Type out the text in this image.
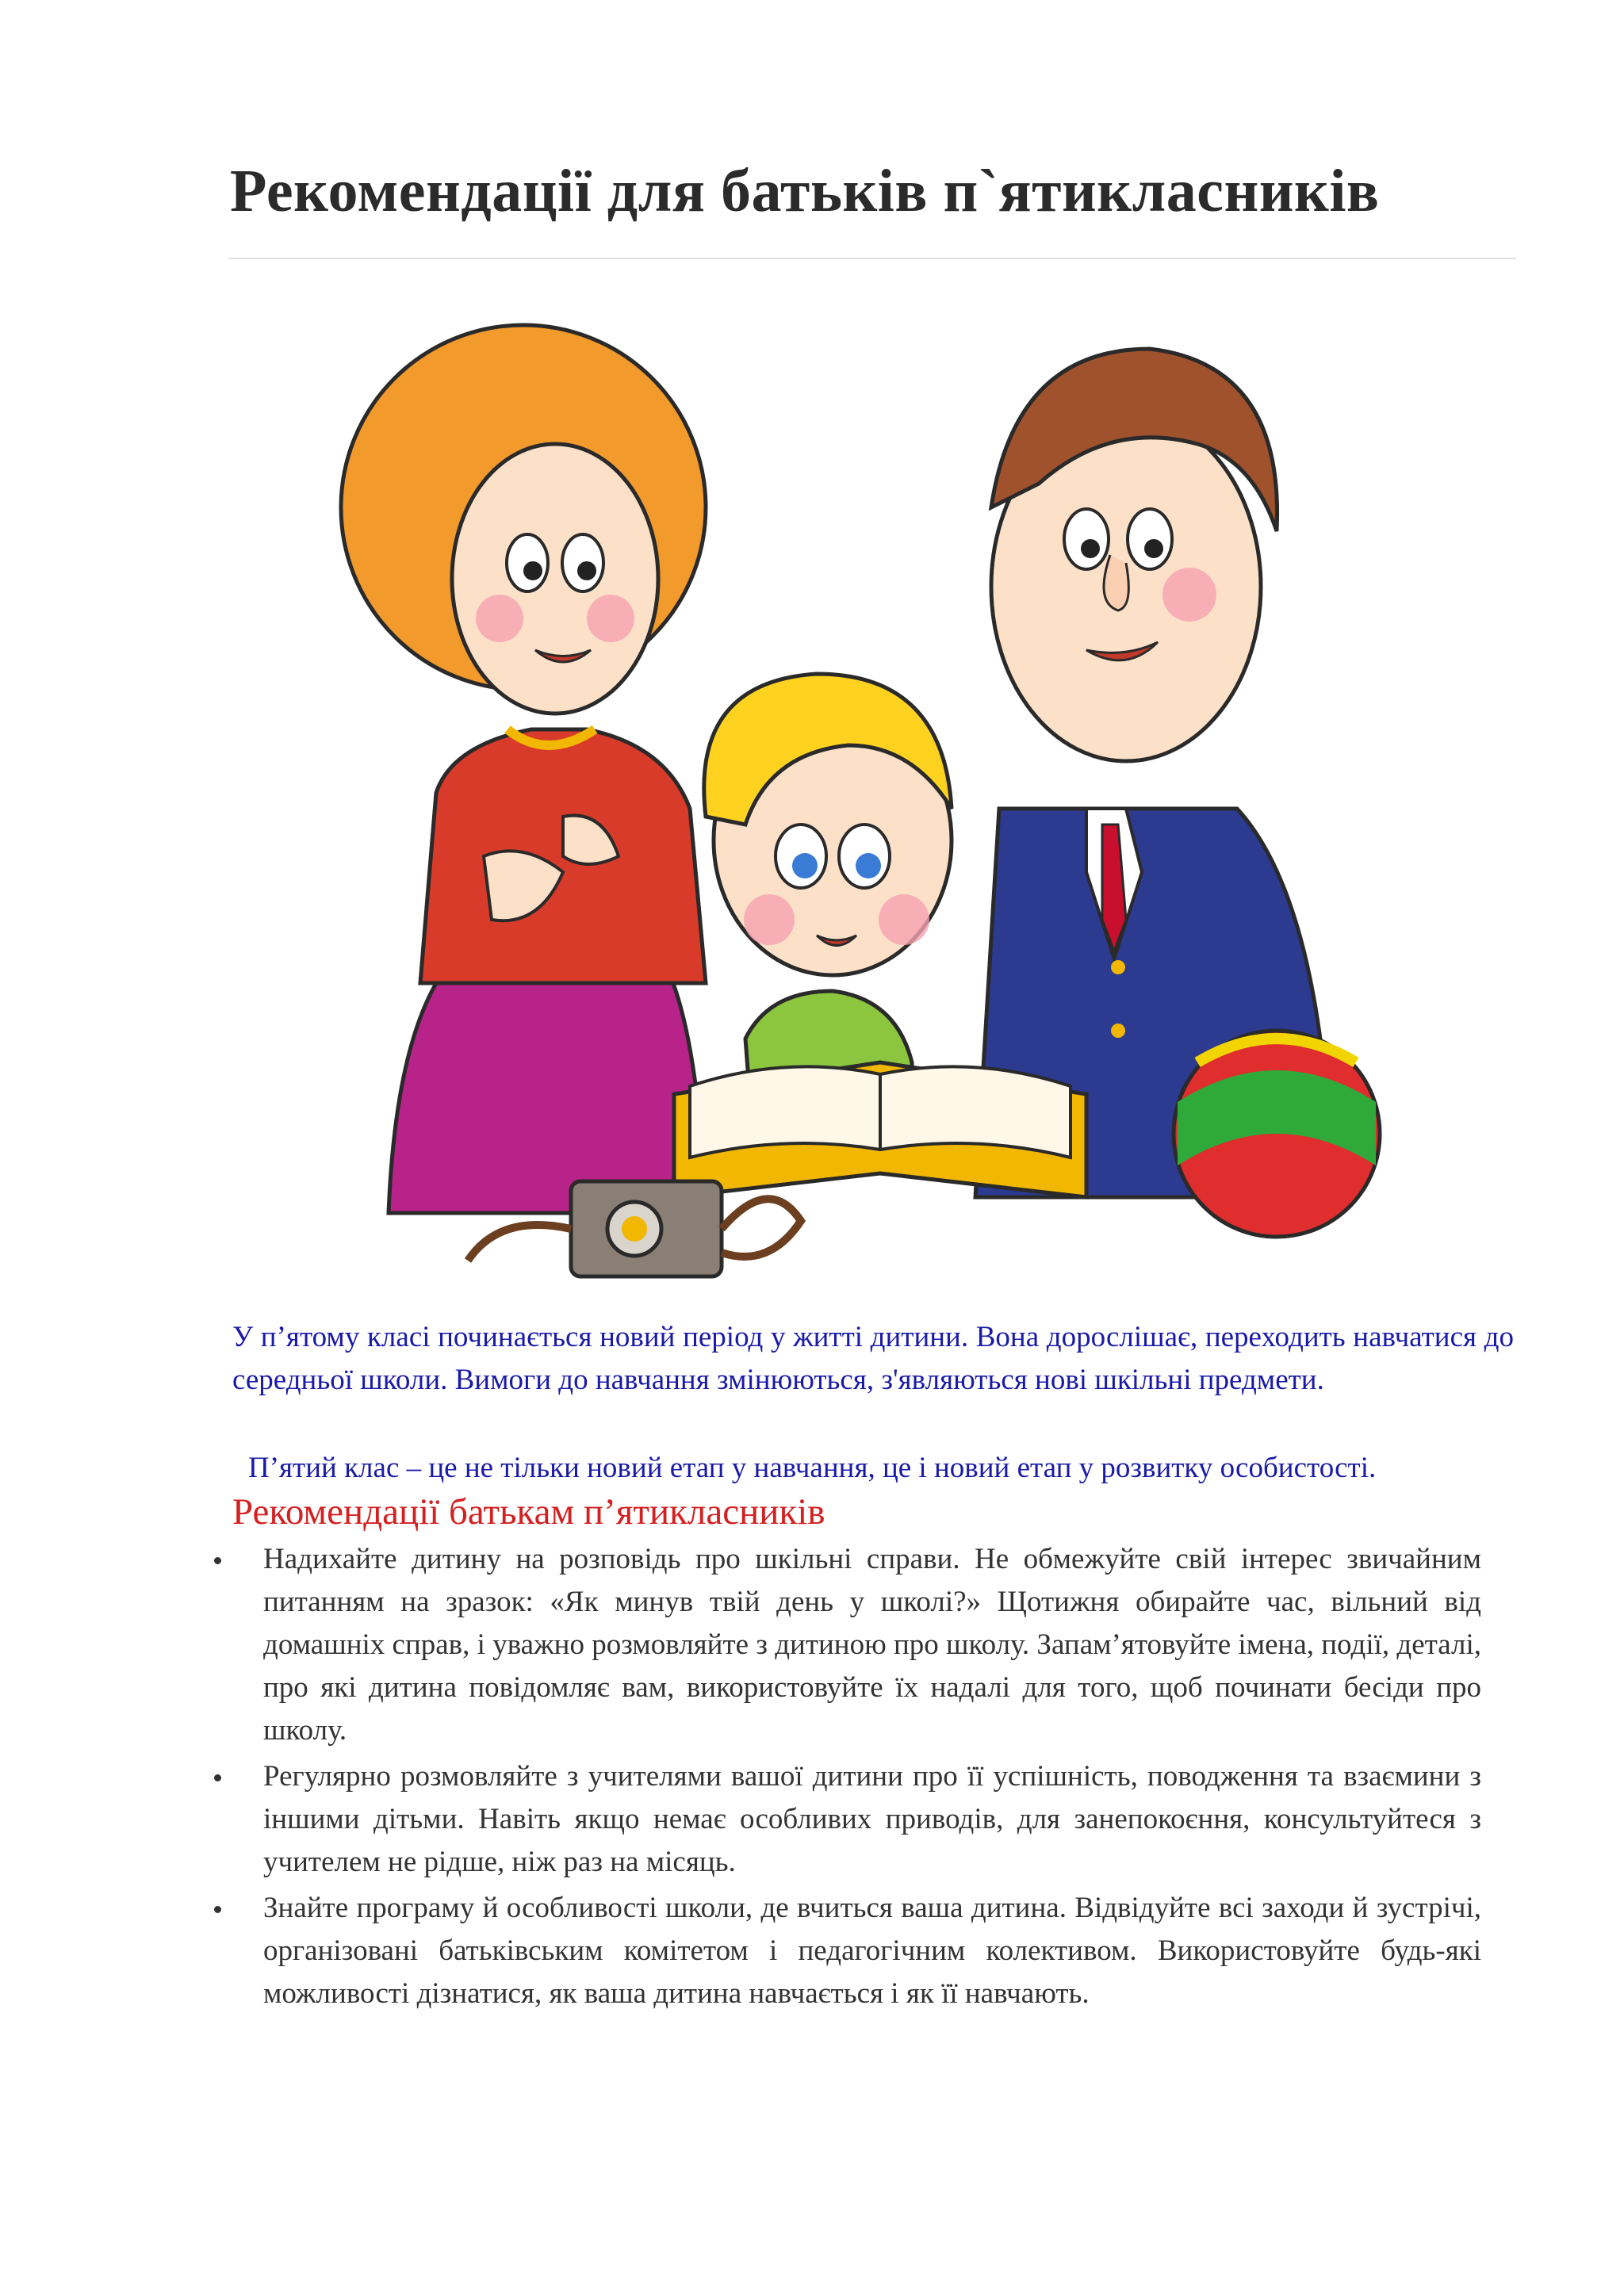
Рекомендації для батьків п`ятикласників

У п’ятому класі починається новий період у житті дитини. Вона дорослішає, переходить навчатися до середньої школи. Вимоги до навчання змінюються, з'являються нові шкільні предмети.

П’ятий клас – це не тільки новий етап у навчання, це і новий етап у розвитку особистості.

Рекомендації батькам п’ятикласників
Надихайте дитину на розповідь про шкільні справи. Не обмежуйте свій інтерес звичайним питанням на зразок: «Як минув твій день у школі?» Щотижня обирайте час, вільний від домашніх справ, і уважно розмовляйте з дитиною про школу. Запам’ятовуйте імена, події, деталі, про які дитина повідомляє вам, використовуйте їх надалі для того, щоб починати бесіди про школу.
Регулярно розмовляйте з учителями вашої дитини про її успішність, поводження та взаємини з іншими дітьми. Навіть якщо немає особливих приводів, для занепокоєння, консультуйтеся з учителем не рідше, ніж раз на місяць.
Знайте програму й особливості школи, де вчиться ваша дитина. Відвідуйте всі заходи й зустрічі, організовані батьківським комітетом і педагогічним колективом. Використовуйте будь-які можливості дізнатися, як ваша дитина навчається і як її навчають.
